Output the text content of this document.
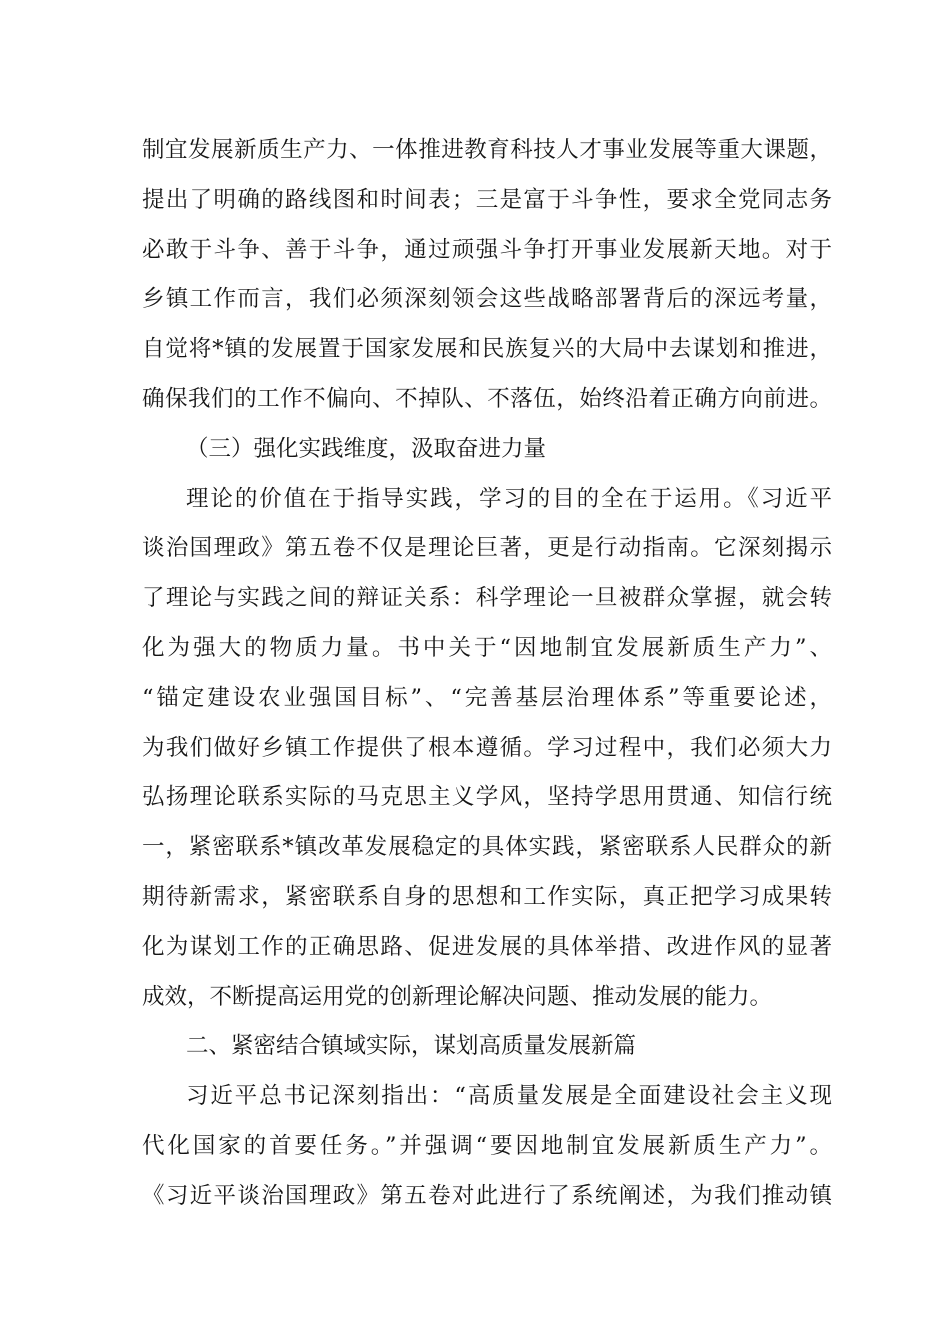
制宜发展新质生产力、一体推进教育科技人才事业发展等重大课题，
提出了明确的路线图和时间表；三是富于斗争性，要求全党同志务
必敢于斗争、善于斗争，通过顽强斗争打开事业发展新天地。对于
乡镇工作而言，我们必须深刻领会这些战略部署背后的深远考量，
自觉将*镇的发展置于国家发展和民族复兴的大局中去谋划和推进，
确保我们的工作不偏向、不掉队、不落伍，始终沿着正确方向前进。
（三）强化实践维度，汲取奋进力量
理论的价值在于指导实践，学习的目的全在于运用。《习近平
谈治国理政》第五卷不仅是理论巨著，更是行动指南。它深刻揭示
了理论与实践之间的辩证关系：科学理论一旦被群众掌握，就会转
化为强大的物质力量。书中关于“因地制宜发展新质生产力”、
“锚定建设农业强国目标”、“完善基层治理体系”等重要论述，
为我们做好乡镇工作提供了根本遵循。学习过程中，我们必须大力
弘扬理论联系实际的马克思主义学风，坚持学思用贯通、知信行统
一，紧密联系*镇改革发展稳定的具体实践，紧密联系人民群众的新
期待新需求，紧密联系自身的思想和工作实际，真正把学习成果转
化为谋划工作的正确思路、促进发展的具体举措、改进作风的显著
成效，不断提高运用党的创新理论解决问题、推动发展的能力。
二、紧密结合镇域实际，谋划高质量发展新篇
习近平总书记深刻指出：“高质量发展是全面建设社会主义现
代化国家的首要任务。”并强调“要因地制宜发展新质生产力”。
《习近平谈治国理政》第五卷对此进行了系统阐述，为我们推动镇
